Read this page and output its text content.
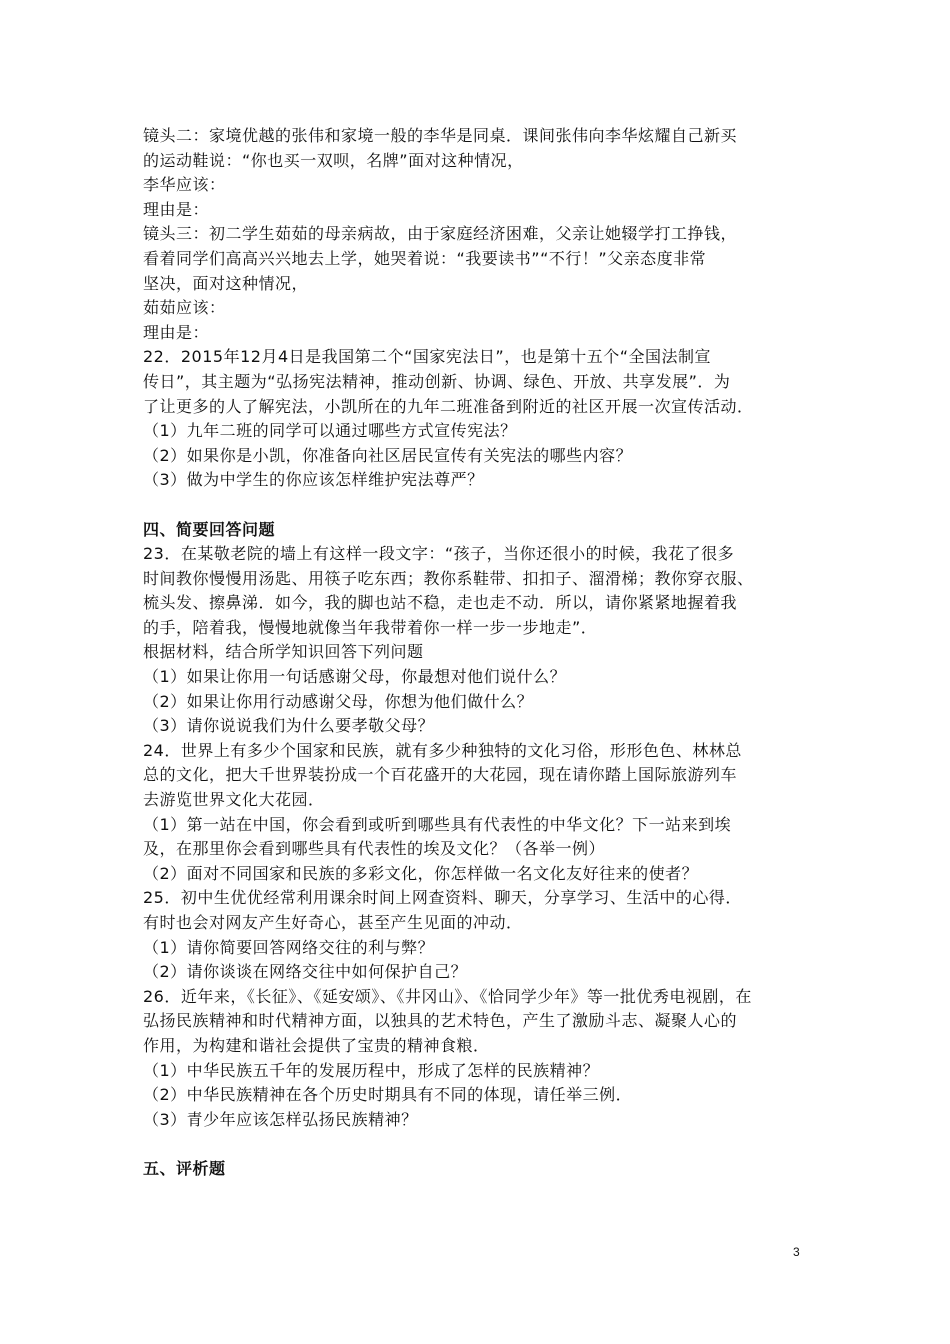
镜头二：家境优越的张伟和家境一般的李华是同桌．课间张伟向李华炫耀自己新买
的运动鞋说：“你也买一双呗，名牌”面对这种情况，
李华应该：
理由是：
镜头三：初二学生茹茹的母亲病故，由于家庭经济困难，父亲让她辍学打工挣钱，
看着同学们高高兴兴地去上学，她哭着说：“我要读书”“不行！”父亲态度非常
坚决，面对这种情况，
茹茹应该：
理由是：
22．2015年12月4日是我国第二个“国家宪法日”，也是第十五个“全国法制宣
传日”，其主题为“弘扬宪法精神，推动创新、协调、绿色、开放、共享发展”．为
了让更多的人了解宪法，小凯所在的九年二班准备到附近的社区开展一次宣传活动．
（1）九年二班的同学可以通过哪些方式宣传宪法？
（2）如果你是小凯，你准备向社区居民宣传有关宪法的哪些内容？
（3）做为中学生的你应该怎样维护宪法尊严？
四、简要回答问题
23．在某敬老院的墙上有这样一段文字：“孩子，当你还很小的时候，我花了很多
时间教你慢慢用汤匙、用筷子吃东西；教你系鞋带、扣扣子、溜滑梯；教你穿衣服、
梳头发、擦鼻涕．如今，我的脚也站不稳，走也走不动．所以，请你紧紧地握着我
的手，陪着我，慢慢地就像当年我带着你一样一步一步地走”．
根据材料，结合所学知识回答下列问题
（1）如果让你用一句话感谢父母，你最想对他们说什么？
（2）如果让你用行动感谢父母，你想为他们做什么？
（3）请你说说我们为什么要孝敬父母？
24．世界上有多少个国家和民族，就有多少种独特的文化习俗，形形色色、林林总
总的文化，把大千世界装扮成一个百花盛开的大花园，现在请你踏上国际旅游列车
去游览世界文化大花园．
（1）第一站在中国，你会看到或听到哪些具有代表性的中华文化？下一站来到埃
及，在那里你会看到哪些具有代表性的埃及文化？（各举一例）
（2）面对不同国家和民族的多彩文化，你怎样做一名文化友好往来的使者？
25．初中生优优经常利用课余时间上网查资料、聊天，分享学习、生活中的心得．
有时也会对网友产生好奇心，甚至产生见面的冲动．
（1）请你简要回答网络交往的利与弊？
（2）请你谈谈在网络交往中如何保护自己？
26．近年来，《长征》、《延安颂》、《井冈山》、《恰同学少年》等一批优秀电视剧，在
弘扬民族精神和时代精神方面，以独具的艺术特色，产生了激励斗志、凝聚人心的
作用，为构建和谐社会提供了宝贵的精神食粮．
（1）中华民族五千年的发展历程中，形成了怎样的民族精神？
（2）中华民族精神在各个历史时期具有不同的体现，请任举三例．
（3）青少年应该怎样弘扬民族精神？
五、评析题
3
